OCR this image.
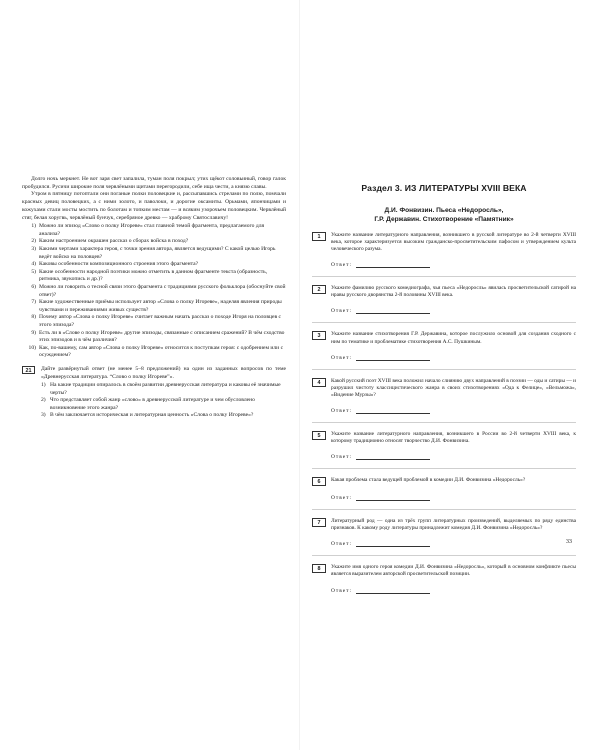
Долго ночь меркнет. Не вот заря свет запалила, туман поля покрыл; утих щёкот соловьиный, говор галок пробудился. Русичи широкие поля червлёными щитами перегородили, себе ища чести, а князю славы.

Утром в пятницу потоптали они поганые полки половецкие и, рассыпавшись стрелами по полю, помчали красных девиц половецких, а с ними золото, и паволоки, и дорогие оксамиты. Орьмами, япончицами и кожухами стали мосты мостить по болотам и топким местам — и всяким узорочьем половецким. Червлёный стяг, белая хоругвь, червлёный бунчук, серебряное древко — храброму Святославичу!

1) Можно ли эпизод «Слово о полку Игореве» стал главной темой фрагмента, предлагаемого для анализа?
2) Каким настроением окрашен рассказ о сборах войска в поход?
3) Какими чертами характера героя, с точки зрения автора, является ведущими? С какой целью Игорь ведёт войско на половцев?
4) Каковы особенности композиционного строения этого фрагмента?
5) Какие особенности народной поэтики можно отметить в данном фрагменте текста (образность, ритмика, звукопись и др.)?
6) Можно ли говорить о тесной связи этого фрагмента с традициями русского фольклора (обоснуйте свой ответ)?
7) Какие художественные приёмы использует автор «Слова о полку Игореве», наделяя явления природы чувствами и переживаниями живых существ?
8) Почему автор «Слова о полку Игореве» считает важным начать рассказ о походе Игоря на половцев с этого эпизода?
9) Есть ли в «Слове о полку Игореве» другие эпизоды, связанные с описанием сражений? В чём сходство этих эпизодов и в чём различия?
10) Как, по-вашему, сам автор «Слова о полку Игореве» относится к поступкам героя: с одобрением или с осуждением?
21	Дайте развёрнутый ответ (не менее 5–8 предложений) на один из заданных вопросов по теме «Древнерусская литература. “Слово о полку Игореве”».

1) На какие традиции опиралось в своём развитии древнерусская литература и каковы её значимые черты?
2) Что представляет собой жанр «слово» в древнерусской литературе и чем обусловлено возникновение этого жанра?
3) В чём заключается историческая и литературная ценность «Слова о полку Игореве»?
Раздел 3. ИЗ ЛИТЕРАТУРЫ XVIII ВЕКА
Д.И. Фонвизин. Пьеса «Недоросль»,
Г.Р. Державин. Стихотворение «Памятник»
1	Укажите название литературного направления, возникшего в русской литературе во 2-й четверти XVIII века, которое характеризуется высоким гражданско-просветительским пафосом и утверждением культа человеческого разума.

Ответ:
2	Укажите фамилию русского комедиографа, чья пьеса «Недоросль» явилась просветительской сатирой на нравы русского дворянства 2-й половины XVIII века.

Ответ:
3	Укажите название стихотворения Г.Р. Державина, которое послужило основой для создания сходного с ним по тематике и проблематике стихотворения А.С. Пушкиным.

Ответ:
4	Какой русский поэт XVIII века положил начало слиянию двух направлений в поэзии — оды и сатиры — и разрушил чистоту классицистического жанра в своих стихотворениях «Ода к Фелице», «Вельможа», «Видение Мурзы»?

Ответ:
5	Укажите название литературного направления, возникшего в России во 2-й четверти XVIII века, к которому традиционно относят творчество Д.И. Фонвизина.

Ответ:
6	Какая проблема стала ведущей проблемой в комедии Д.И. Фонвизина «Недоросль»?

Ответ:
7	Литературный род — одна из трёх групп литературных произведений, выделяемых по ряду единства признаков. К какому роду литературы принадлежит комедия Д.И. Фонвизина «Недоросль»?

Ответ:
8	Укажите имя одного героя комедии Д.И. Фонвизина «Недоросль», который в основном конфликте пьесы является выразителем авторской просветительской позиции.

Ответ:
33
